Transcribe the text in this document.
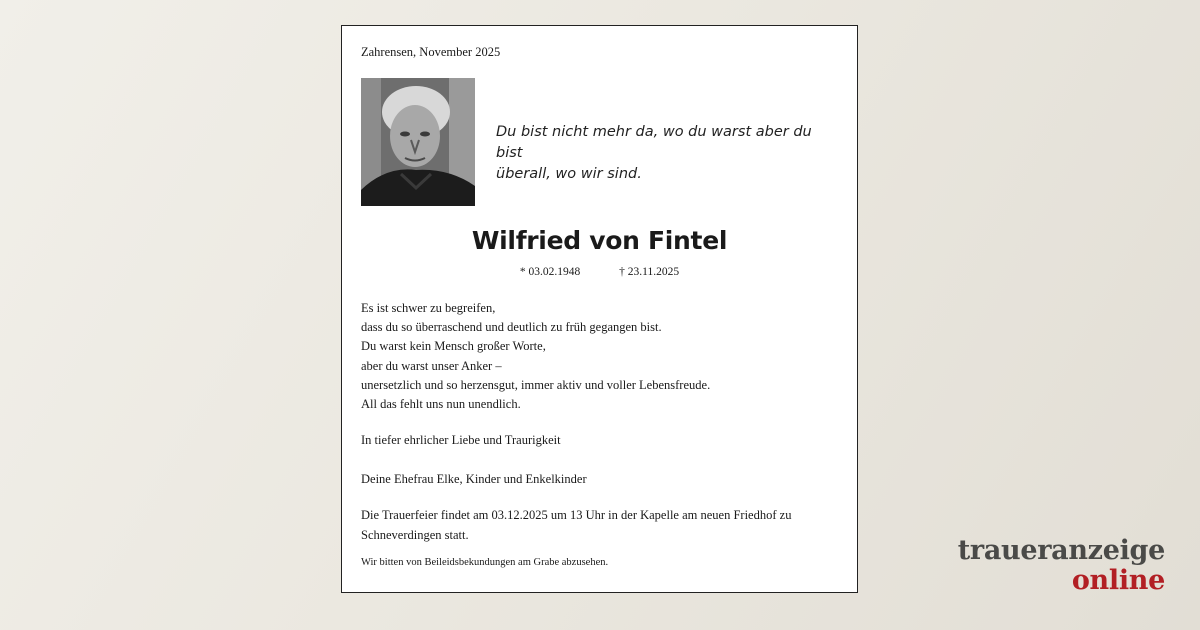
Zahrensen, November 2025
Du bist nicht mehr da, wo du warst aber du bist
überall, wo wir sind.
Wilfried von Fintel
* 03.02.1948	† 23.11.2025
Es ist schwer zu begreifen,
dass du so überraschend und deutlich zu früh gegangen bist.
Du warst kein Mensch großer Worte,
aber du warst unser Anker –
unersetzlich und so herzensgut, immer aktiv und voller Lebensfreude.
All das fehlt uns nun unendlich.
In tiefer ehrlicher Liebe und Traurigkeit
Deine Ehefrau Elke, Kinder und Enkelkinder
Die Trauerfeier findet am 03.12.2025 um 13 Uhr in der Kapelle am neuen Friedhof zu
Schneverdingen statt.
Wir bitten von Beileidsbekundungen am Grabe abzusehen.	traueranzeige
online
